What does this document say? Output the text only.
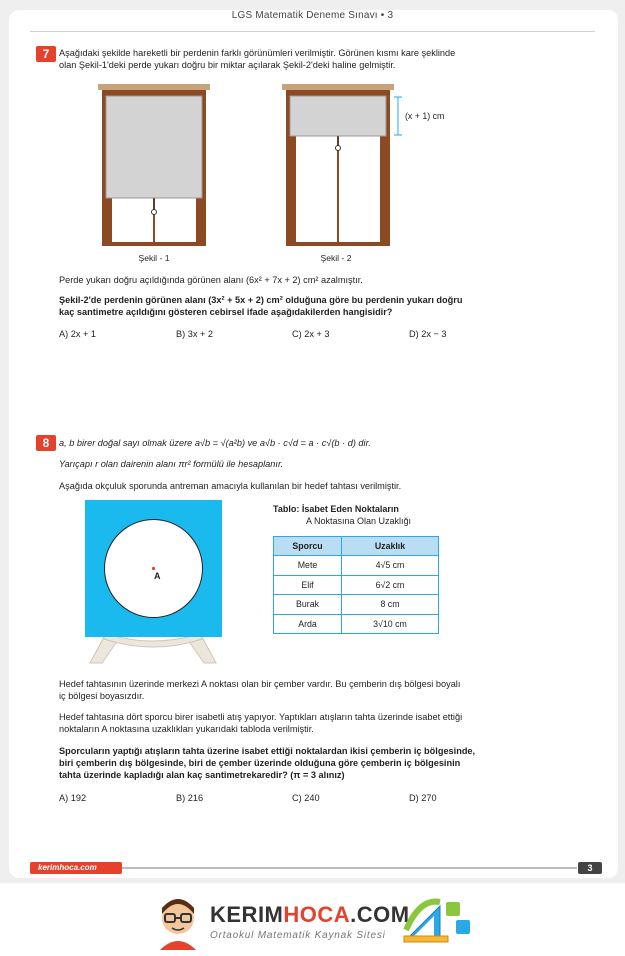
LGS Matematik Deneme Sınavı • 3
7	Aşağıdaki şekilde hareketli bir perdenin farklı görünümleri verilmiştir. Görünen kısmı kare şeklinde
olan Şekil-1'deki perde yukarı doğru bir miktar açılarak Şekil-2'deki haline gelmiştir.
Şekil - 1
(x + 1) cm
Şekil - 2
Perde yukarı doğru açıldığında görünen alanı (6x² + 7x + 2) cm² azalmıştır.
Şekil-2'de perdenin görünen alanı (3x² + 5x + 2) cm² olduğuna göre bu perdenin yukarı doğru
kaç santimetre açıldığını gösteren cebirsel ifade aşağıdakilerden hangisidir?
A) 2x + 1	B) 3x + 2	C) 2x + 3	D) 2x − 3
8	a, b birer doğal sayı olmak üzere a√b = √(a²b) ve a√b · c√d = a · c√(b · d) dir.
Yarıçapı r olan dairenin alanı πr² formülü ile hesaplanır.
Aşağıda okçuluk sporunda antreman amacıyla kullanılan bir hedef tahtası verilmiştir.
A
Tablo: İsabet Eden Noktaların
A Noktasına Olan Uzaklığı
Sporcu	Uzaklık
Mete	4√5 cm
Elif	6√2 cm
Burak	8 cm
Arda	3√10 cm
Hedef tahtasının üzerinde merkezi A noktası olan bir çember vardır. Bu çemberin dış bölgesi boyalı
iç bölgesi boyasızdır.
Hedef tahtasına dört sporcu birer isabetli atış yapıyor. Yaptıkları atışların tahta üzerinde isabet ettiği
noktaların A noktasına uzaklıkları yukarıdaki tabloda verilmiştir.
Sporcuların yaptığı atışların tahta üzerine isabet ettiği noktalardan ikisi çemberin iç bölgesinde,
biri çemberin dış bölgesinde, biri de çember üzerinde olduğuna göre çemberin iç bölgesinin
tahta üzerinde kapladığı alan kaç santimetrekaredir? (π = 3 alınız)
A) 192	B) 216	C) 240	D) 270
kerimhoca.com	3
KERIMHOCA.COM
Ortaokul Matematik Kaynak Sitesi
